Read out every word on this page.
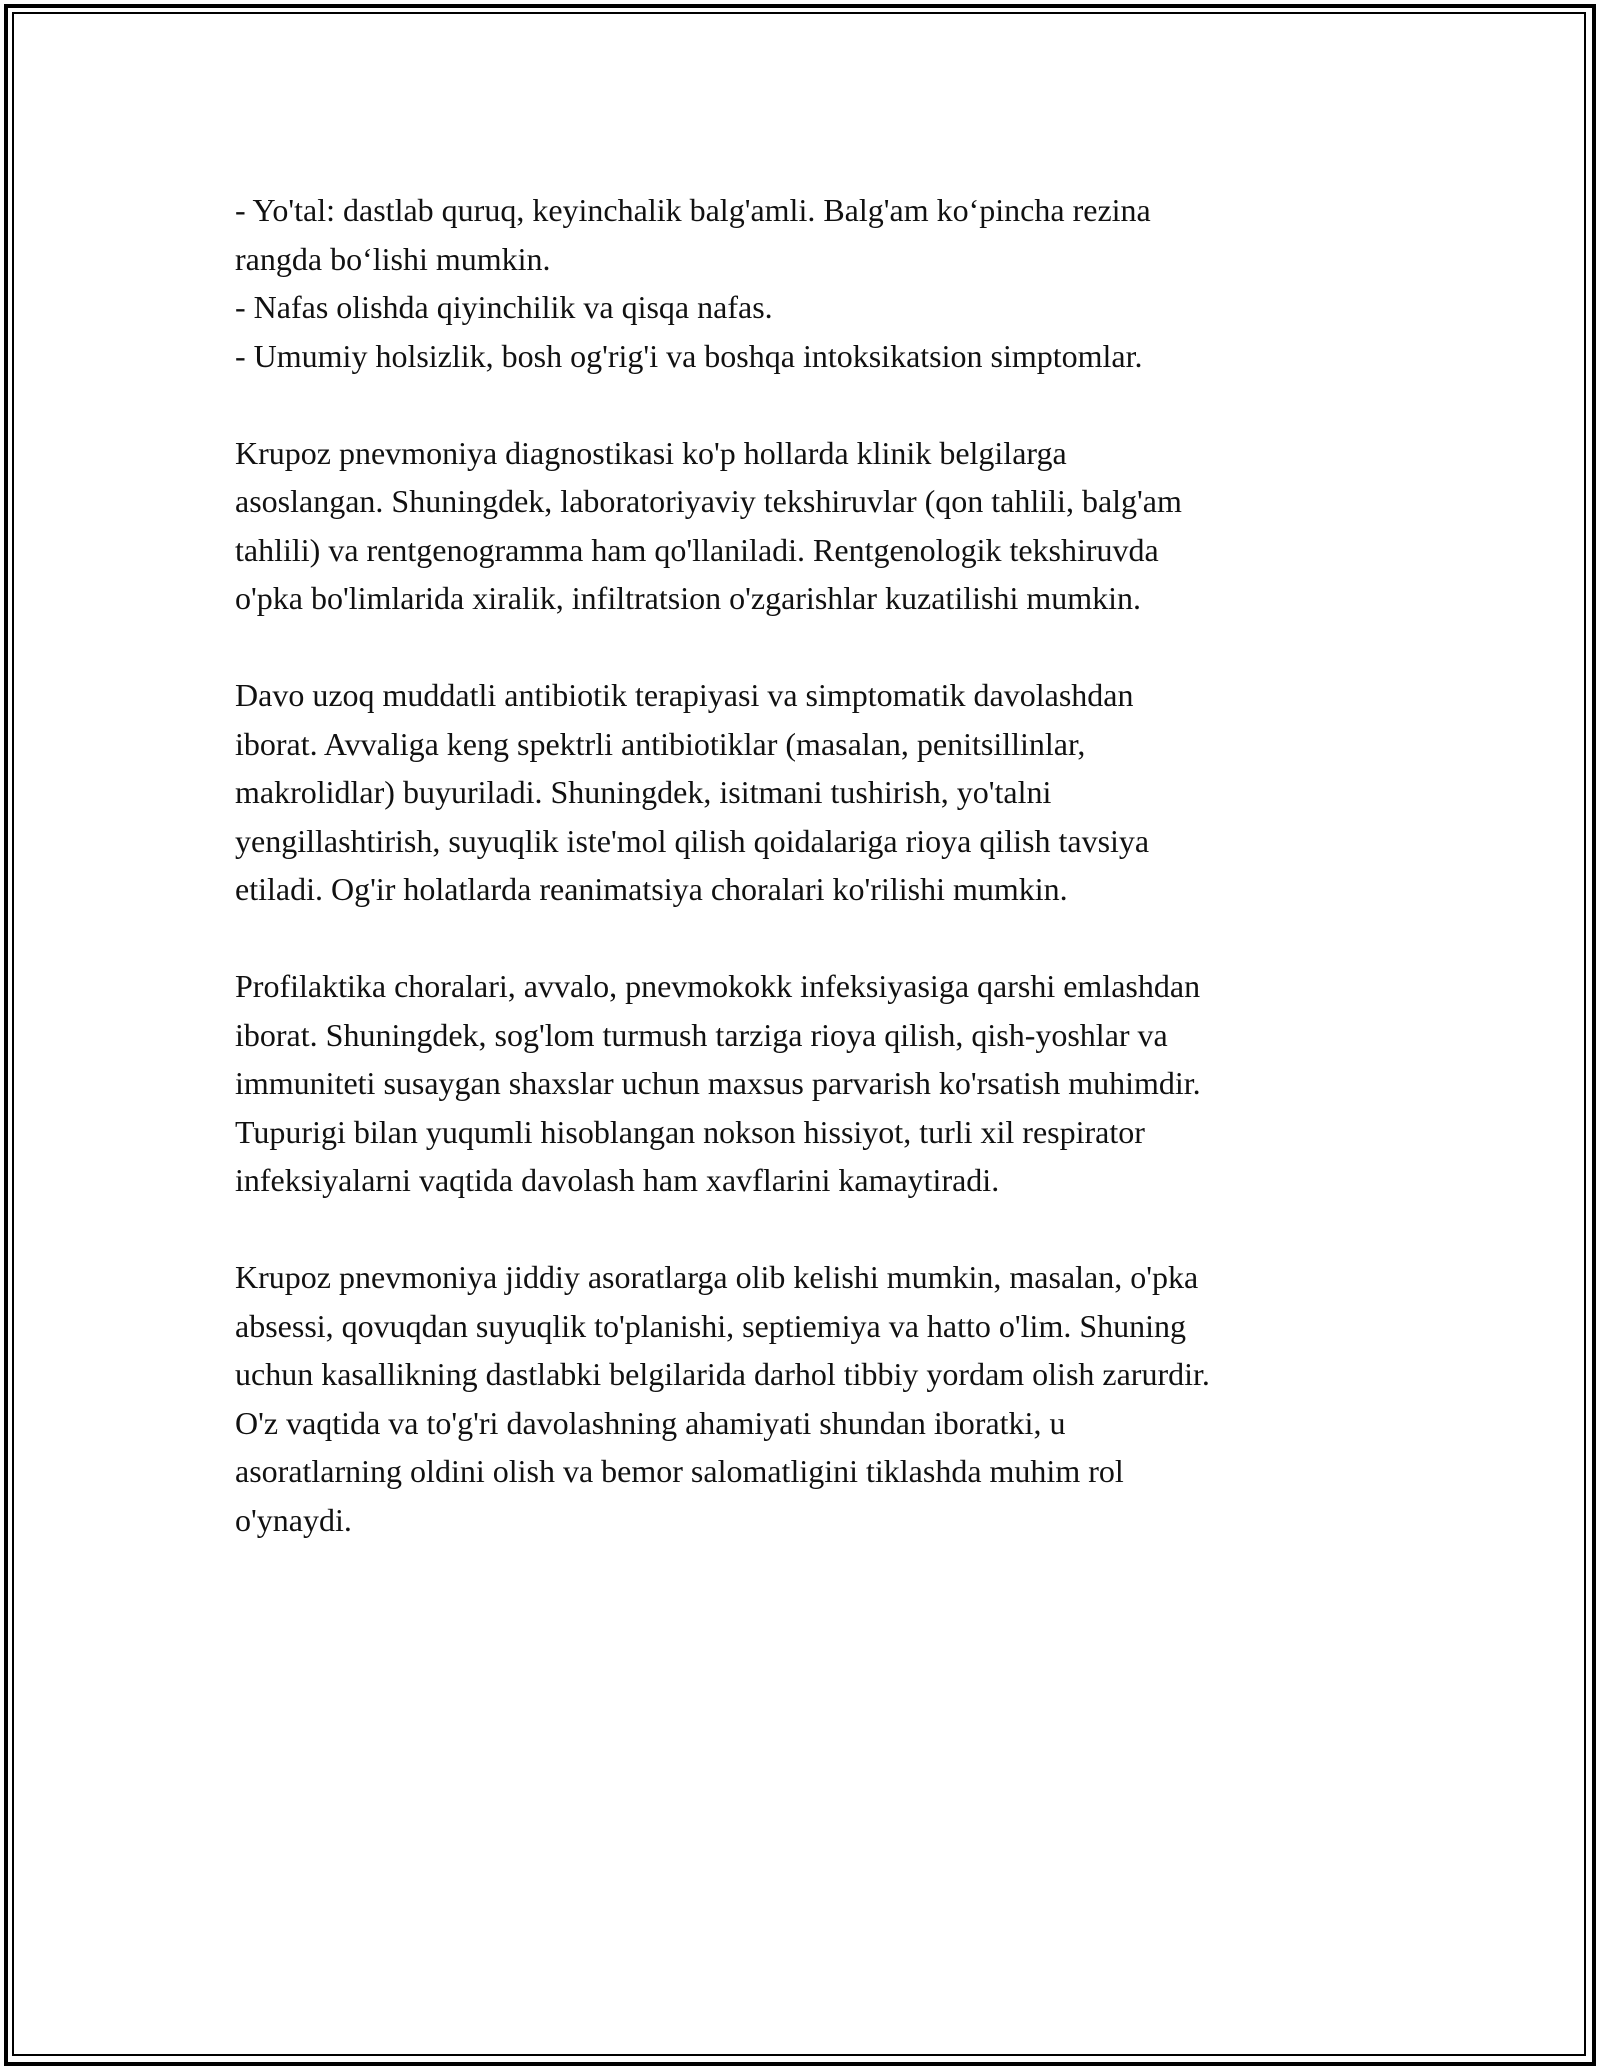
- Yo'tal: dastlab quruq, keyinchalik balg'amli. Balg'am ko‘pincha rezina
rangda bo‘lishi mumkin.
- Nafas olishda qiyinchilik va qisqa nafas.
- Umumiy holsizlik, bosh og'rig'i va boshqa intoksikatsion simptomlar.
Krupoz pnevmoniya diagnostikasi ko'p hollarda klinik belgilarga
asoslangan. Shuningdek, laboratoriyaviy tekshiruvlar (qon tahlili, balg'am
tahlili) va rentgenogramma ham qo'llaniladi. Rentgenologik tekshiruvda
o'pka bo'limlarida xiralik, infiltratsion o'zgarishlar kuzatilishi mumkin.
Davo uzoq muddatli antibiotik terapiyasi va simptomatik davolashdan
iborat. Avvaliga keng spektrli antibiotiklar (masalan, penitsillinlar,
makrolidlar) buyuriladi. Shuningdek, isitmani tushirish, yo'talni
yengillashtirish, suyuqlik iste'mol qilish qoidalariga rioya qilish tavsiya
etiladi. Og'ir holatlarda reanimatsiya choralari ko'rilishi mumkin.
Profilaktika choralari, avvalo, pnevmokokk infeksiyasiga qarshi emlashdan
iborat. Shuningdek, sog'lom turmush tarziga rioya qilish, qish-yoshlar va
immuniteti susaygan shaxslar uchun maxsus parvarish ko'rsatish muhimdir.
Tupurigi bilan yuqumli hisoblangan nokson hissiyot, turli xil respirator
infeksiyalarni vaqtida davolash ham xavflarini kamaytiradi.
Krupoz pnevmoniya jiddiy asoratlarga olib kelishi mumkin, masalan, o'pka
absessi, qovuqdan suyuqlik to'planishi, septiemiya va hatto o'lim. Shuning
uchun kasallikning dastlabki belgilarida darhol tibbiy yordam olish zarurdir.
O'z vaqtida va to'g'ri davolashning ahamiyati shundan iboratki, u
asoratlarning oldini olish va bemor salomatligini tiklashda muhim rol
o'ynaydi.
